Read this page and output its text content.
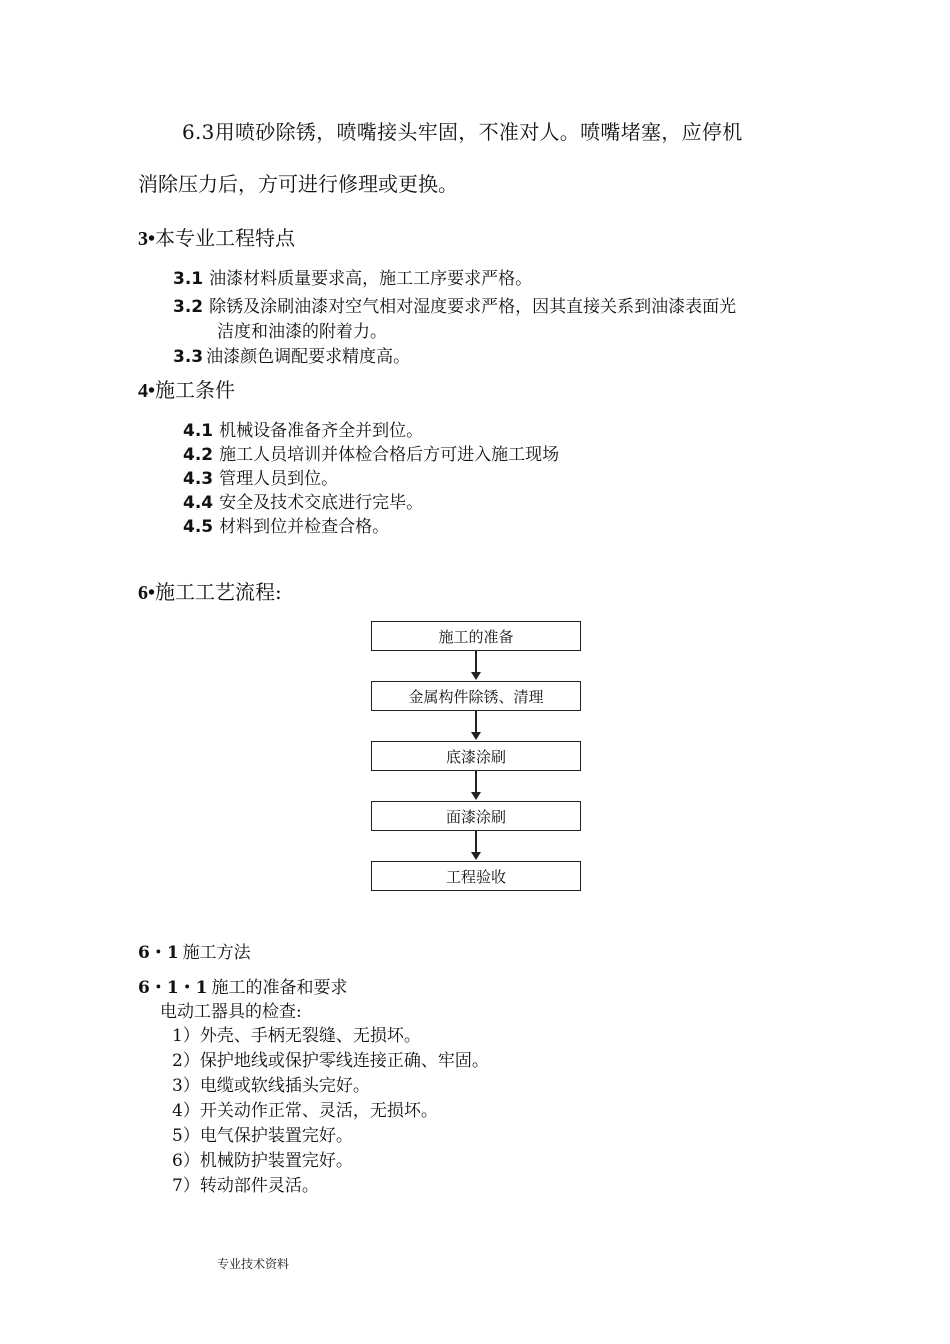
6.3用喷砂除锈，喷嘴接头牢固，不准对人。喷嘴堵塞，应停机
消除压力后，方可进行修理或更换。
3•本专业工程特点
3.1 油漆材料质量要求高，施工工序要求严格。
3.2 除锈及涂刷油漆对空气相对湿度要求严格，因其直接关系到油漆表面光
洁度和油漆的附着力。
3.3 油漆颜色调配要求精度高。
4•施工条件
4.1 机械设备准备齐全并到位。
4.2 施工人员培训并体检合格后方可进入施工现场
4.3 管理人员到位。
4.4 安全及技术交底进行完毕。
4.5 材料到位并检查合格。
6•施工工艺流程:
施工的准备
金属构件除锈、清理
底漆涂刷
面漆涂刷
工程验收
6・1 施工方法
6・1・1 施工的准备和要求
电动工器具的检查:
1）外壳、手柄无裂缝、无损坏。
2）保护地线或保护零线连接正确、牢固。
3）电缆或软线插头完好。
4）开关动作正常、灵活，无损坏。
5）电气保护装置完好。
6）机械防护装置完好。
7）转动部件灵活。
专业技术资料
